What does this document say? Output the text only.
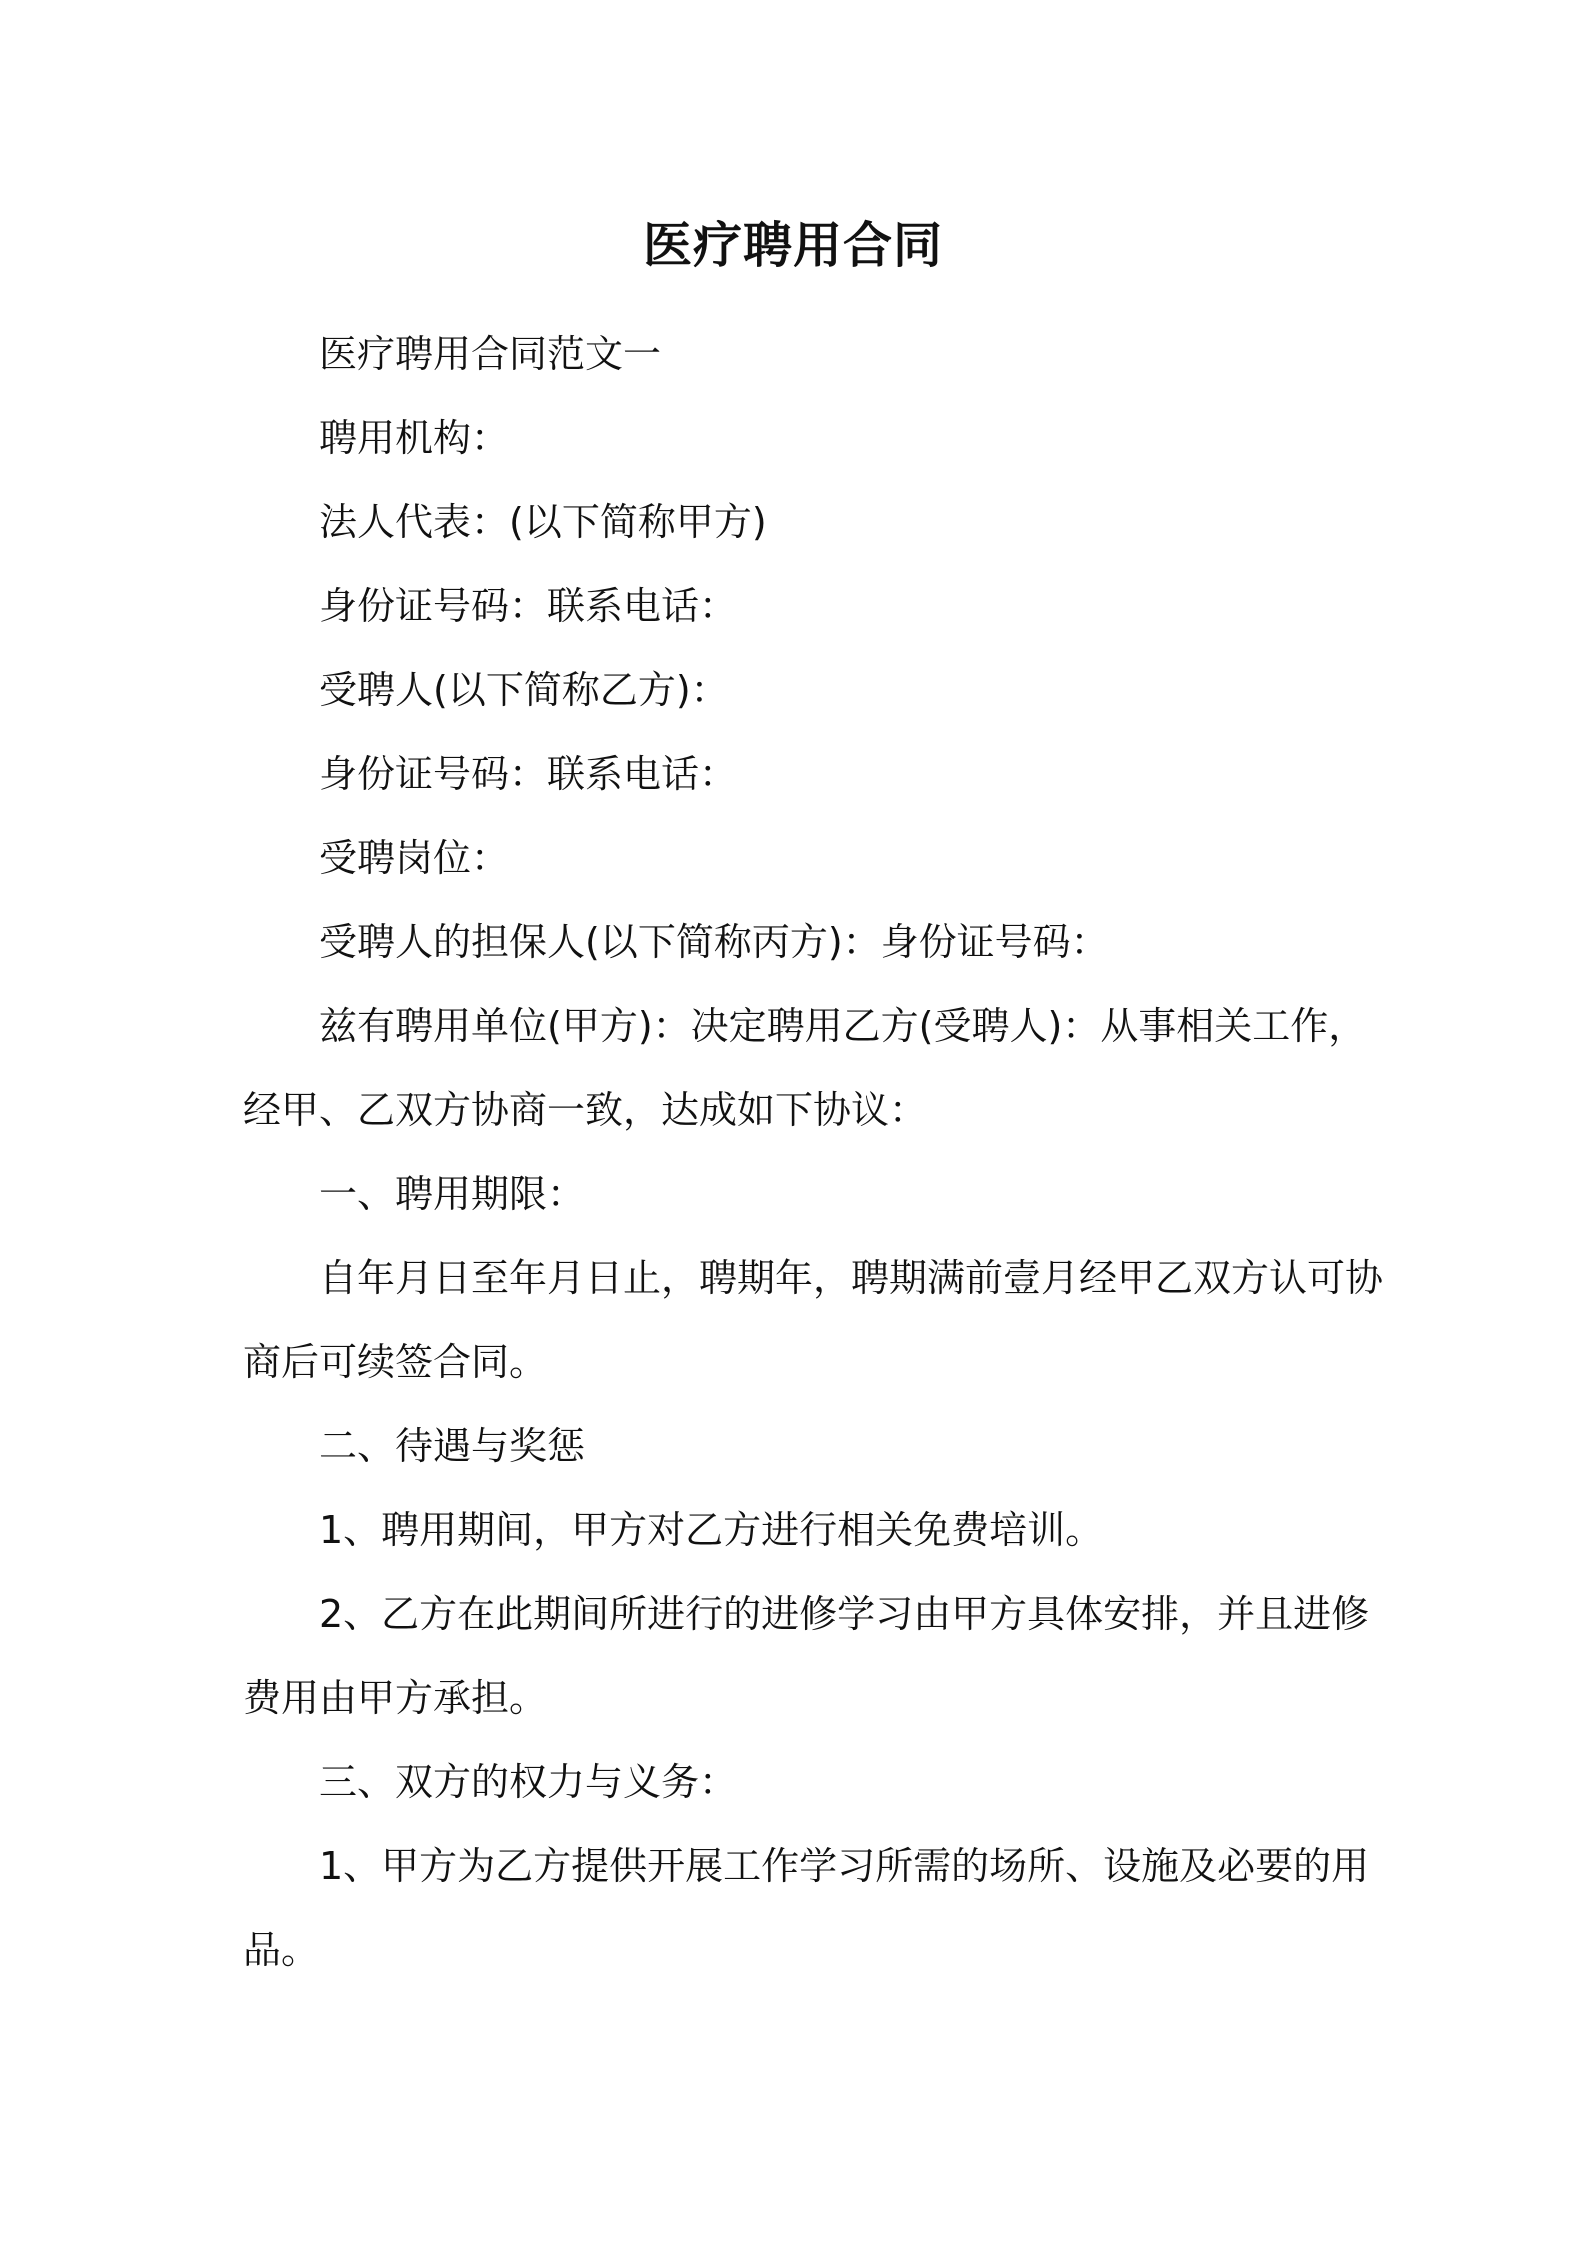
医疗聘用合同
医疗聘用合同范文一
聘用机构：
法人代表：(以下简称甲方)
身份证号码：联系电话：
受聘人(以下简称乙方)：
身份证号码：联系电话：
受聘岗位：
受聘人的担保人(以下简称丙方)：身份证号码：
兹有聘用单位(甲方)：决定聘用乙方(受聘人)：从事相关工作，
经甲、乙双方协商一致，达成如下协议：
一、聘用期限：
自年月日至年月日止，聘期年，聘期满前壹月经甲乙双方认可协
商后可续签合同。
二、待遇与奖惩
1、聘用期间，甲方对乙方进行相关免费培训。
2、乙方在此期间所进行的进修学习由甲方具体安排，并且进修
费用由甲方承担。
三、双方的权力与义务：
1、甲方为乙方提供开展工作学习所需的场所、设施及必要的用
品。
